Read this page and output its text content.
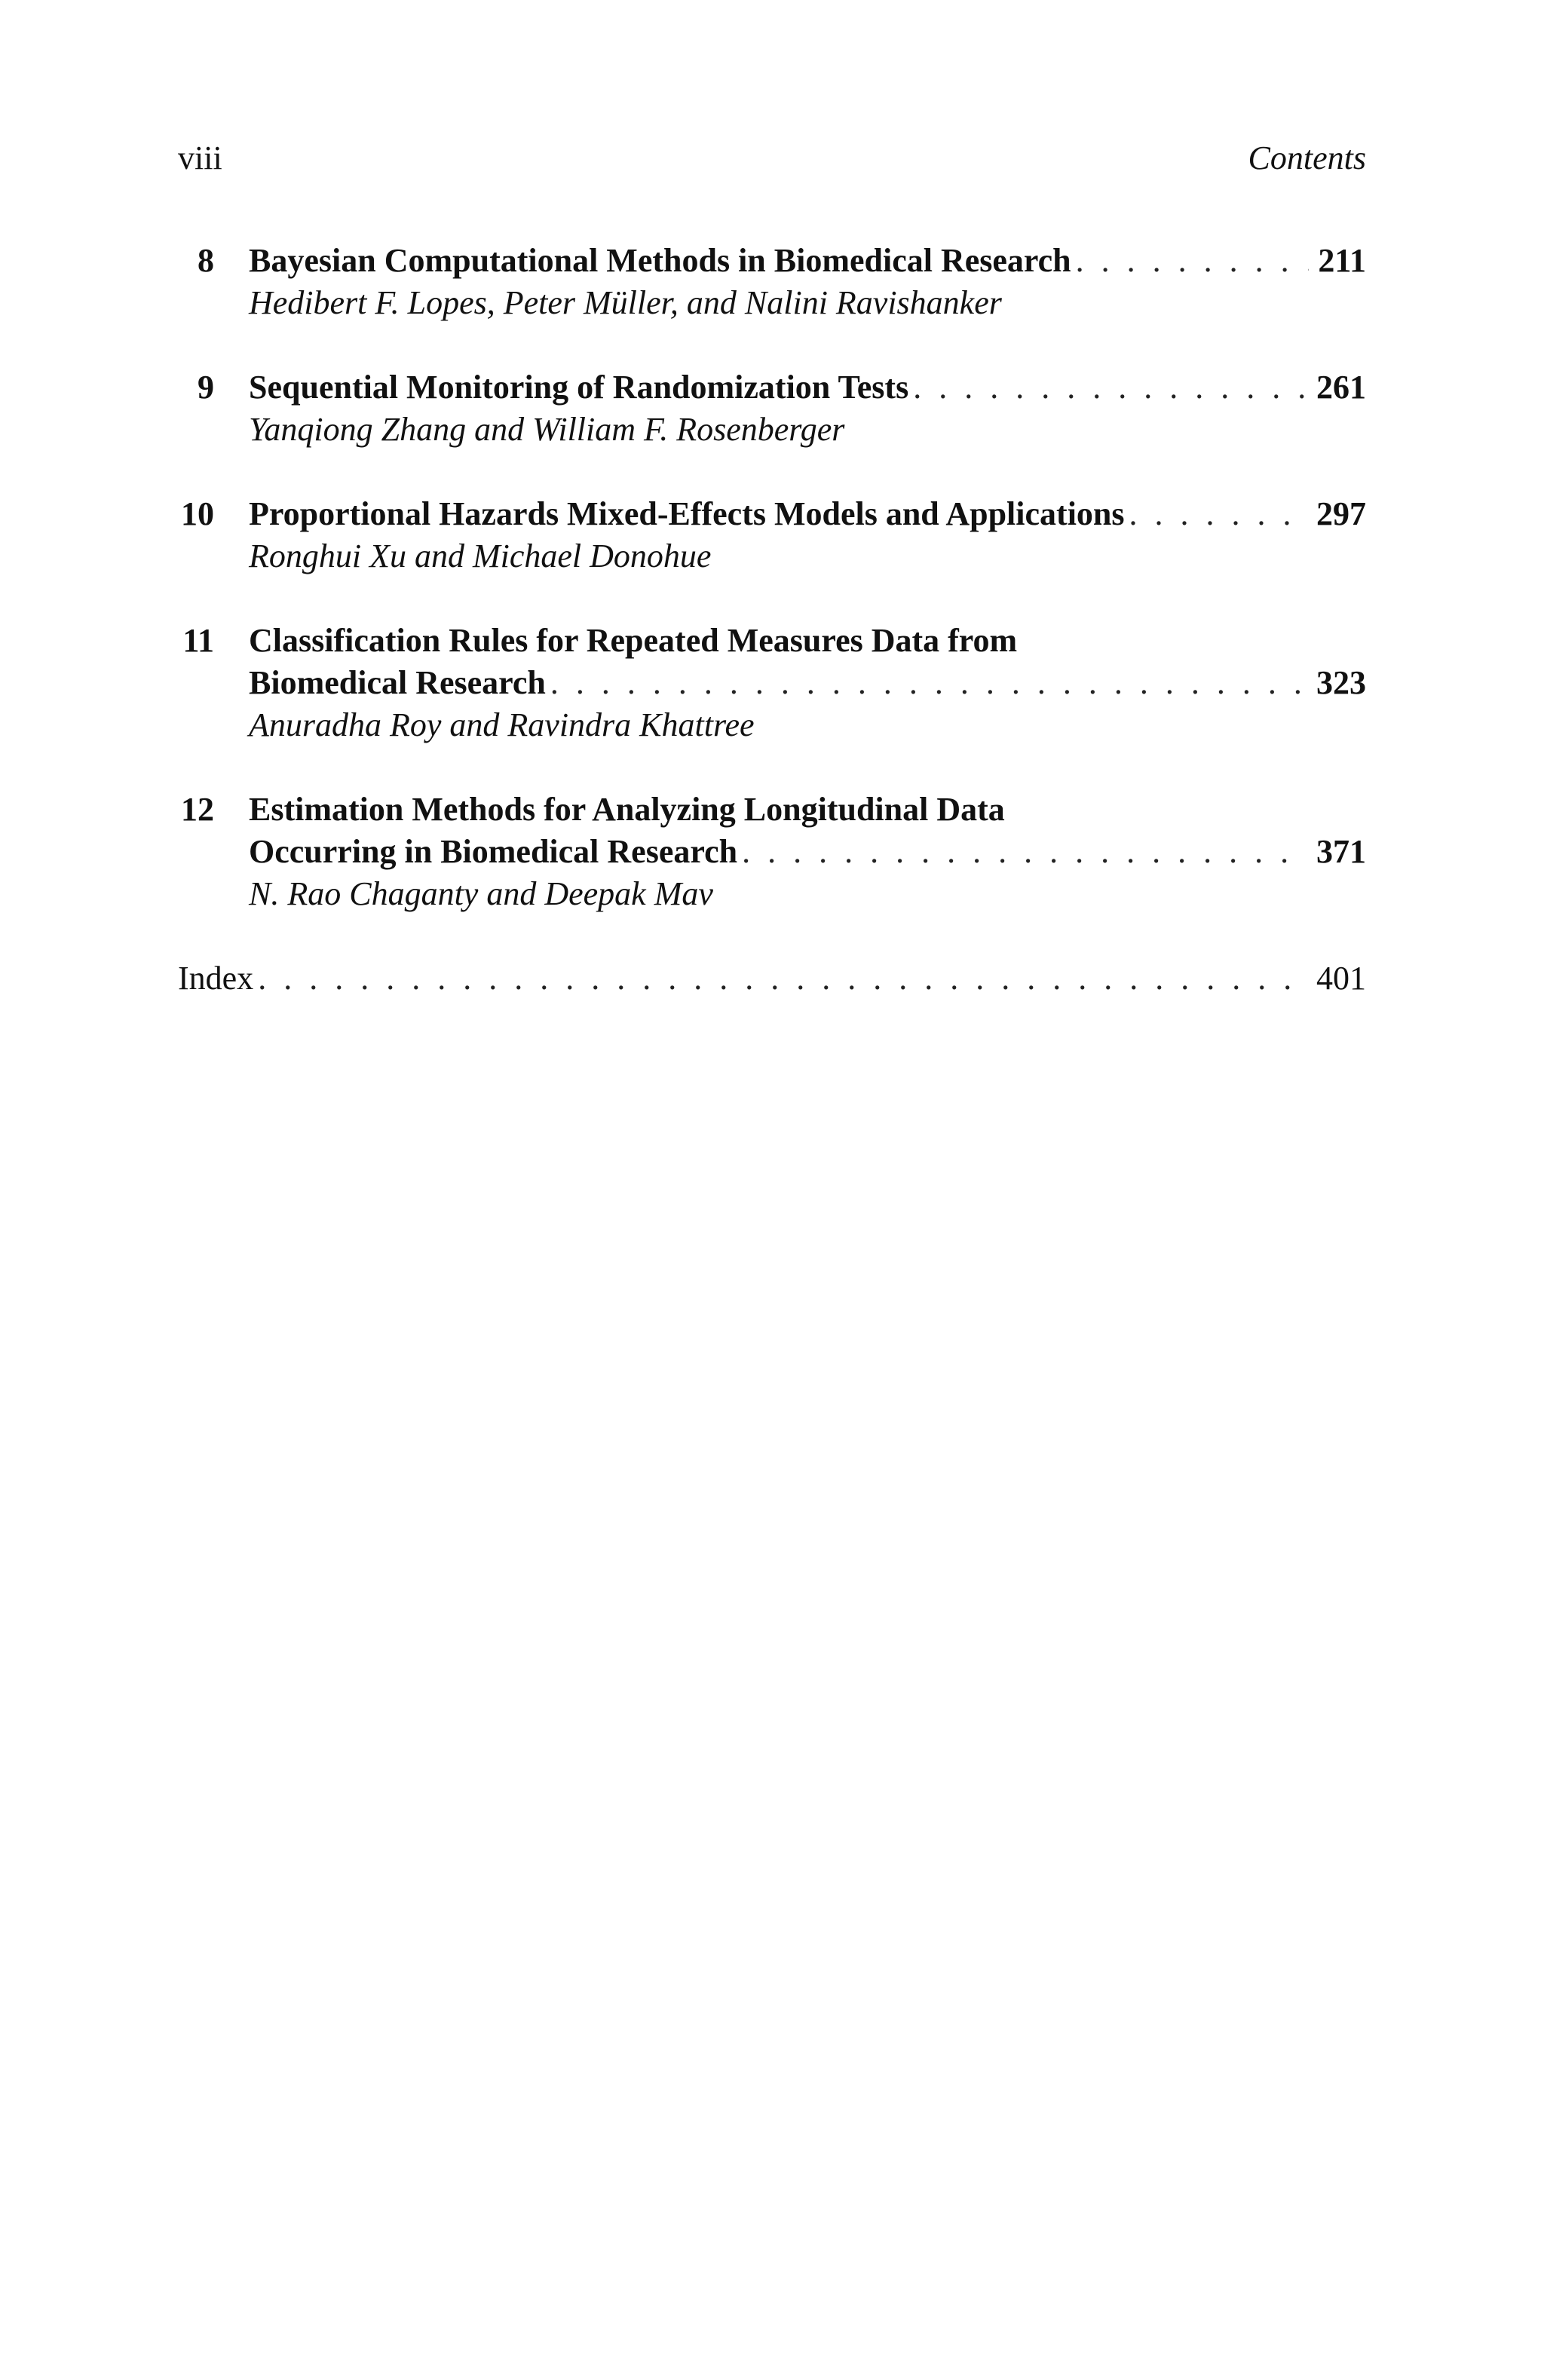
viii	Contents
8 Bayesian Computational Methods in Biomedical Research . . .	211
Hedibert F. Lopes, Peter Müller, and Nalini Ravishanker
9 Sequential Monitoring of Randomization Tests . . .	261
Yanqiong Zhang and William F. Rosenberger
10 Proportional Hazards Mixed-Effects Models and Applications . . .	297
Ronghui Xu and Michael Donohue
11 Classification Rules for Repeated Measures Data from
Biomedical Research . . .	323
Anuradha Roy and Ravindra Khattree
12 Estimation Methods for Analyzing Longitudinal Data
Occurring in Biomedical Research . . .	371
N. Rao Chaganty and Deepak Mav
Index . . .	401
